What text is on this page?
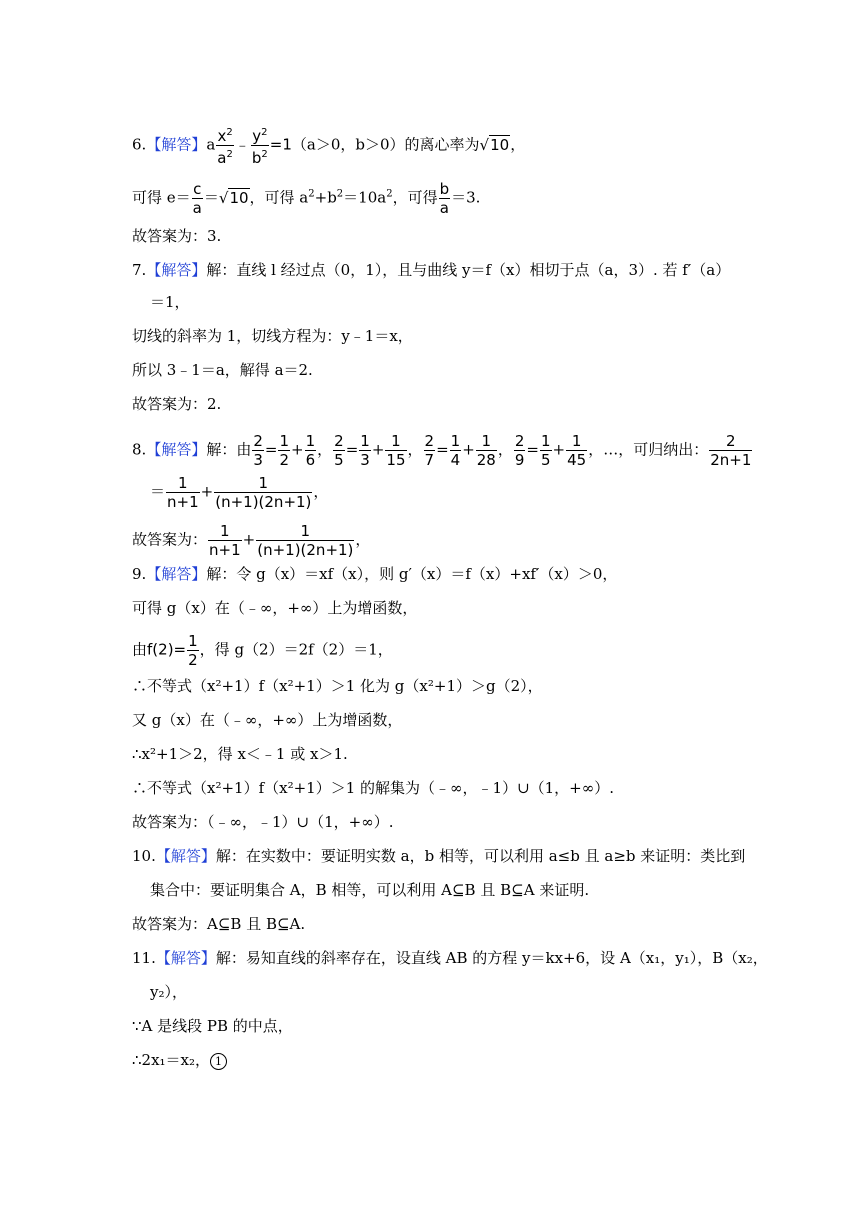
6.【解答】a $\frac{x^2}{a^2}$ ﹣ $\frac{y^2}{b^2} =1(a>0$，b＞0）的离心率为√10，
可得 $e= \frac{c}{a} =√10$，可得 $a^2+b^2=10a^2$，可得 $\frac{b}{a} =3$.
故答案为：3.
7.【解答】解：直线 l 经过点（0，1），且与曲线 y＝f（x）相切于点（a，3）. 若 f′（a）
＝1，
切线的斜率为 1，切线方程为：y﹣1＝x，
所以 3﹣1＝a，解得 a＝2.
故答案为：2.
8.【解答】解：由 $\frac{2}{3} = \frac{1}{2} + \frac{1}{6}$ ， $\frac{2}{5} = \frac{1}{3} + \frac{1}{15}$ ， $\frac{2}{7} = \frac{1}{4} + \frac{1}{28}$ ， $\frac{2}{9} = \frac{1}{5} + \frac{1}{45}$ ，…，可归纳出： $\frac{2}{2n+1}$
＝ $\frac{1}{n+1} + \frac{1}{(n+1)(2n+1)}$ ，
故答案为： $\frac{1}{n+1} + \frac{1}{(n+1)(2n+1)}$ ，
9.【解答】解：令 g（x）＝xf（x），则 g′（x）＝f（x）+xf′（x）＞0，
可得 g（x）在（﹣∞，+∞）上为增函数，
由$f(2)= \frac{1}{2}$ ，得 g（2）＝2f（2）＝1，
∴不等式（x²+1）f（x²+1）＞1 化为 g（x²+1）＞g（2），
又 g（x）在（﹣∞，+∞）上为增函数，
∴x²+1＞2，得 x＜﹣1 或 x＞1.
∴不等式（x²+1）f（x²+1）＞1 的解集为（﹣∞，﹣1）∪（1，+∞）.
故答案为：（﹣∞，﹣1）∪（1，+∞）.
10.【解答】解：在实数中：要证明实数 a，b 相等，可以利用 a≤b 且 a≥b 来证明：类比到
集合中：要证明集合 A，B 相等，可以利用 A⊆B 且 B⊆A 来证明.
故答案为：A⊆B 且 B⊆A.
11.【解答】解：易知直线的斜率存在，设直线 AB 的方程 y＝kx+6，设 A（x₁，y₁），B（x₂，
y₂），
∵A 是线段 PB 的中点，
∴2x₁＝x₂， 1
